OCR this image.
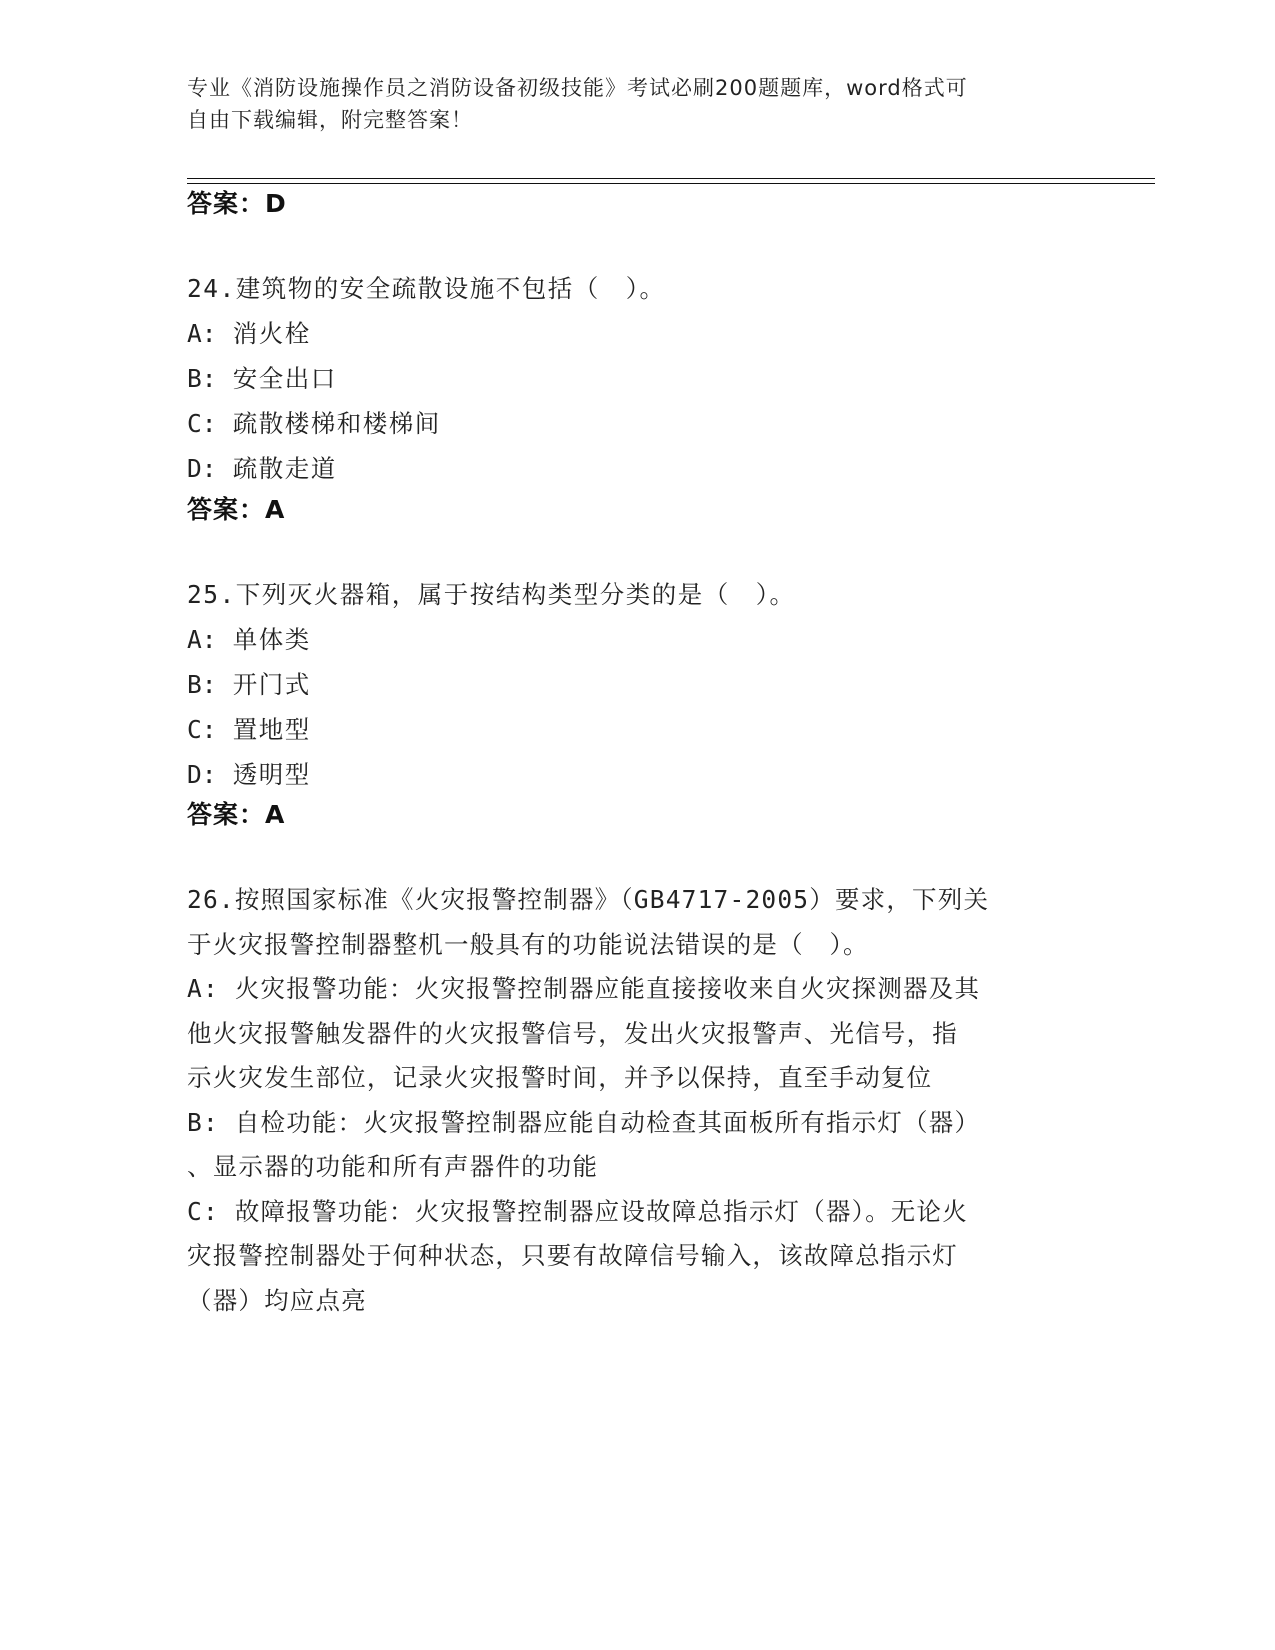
专业《消防设施操作员之消防设备初级技能》考试必刷200题题库，word格式可

自由下载编辑，附完整答案！

答案：D

24.建筑物的安全疏散设施不包括（　）。

A: 消火栓

B: 安全出口

C: 疏散楼梯和楼梯间

D: 疏散走道

答案：A

25.下列灭火器箱，属于按结构类型分类的是（　）。

A: 单体类

B: 开门式

C: 置地型

D: 透明型

答案：A

26.按照国家标准《火灾报警控制器》（GB4717-2005）要求，下列关

于火灾报警控制器整机一般具有的功能说法错误的是（　）。

A: 火灾报警功能：火灾报警控制器应能直接接收来自火灾探测器及其

他火灾报警触发器件的火灾报警信号，发出火灾报警声、光信号，指

示火灾发生部位，记录火灾报警时间，并予以保持，直至手动复位

B: 自检功能：火灾报警控制器应能自动检查其面板所有指示灯（器）

、显示器的功能和所有声器件的功能

C: 故障报警功能：火灾报警控制器应设故障总指示灯（器）。无论火

灾报警控制器处于何种状态，只要有故障信号输入，该故障总指示灯

（器）均应点亮
